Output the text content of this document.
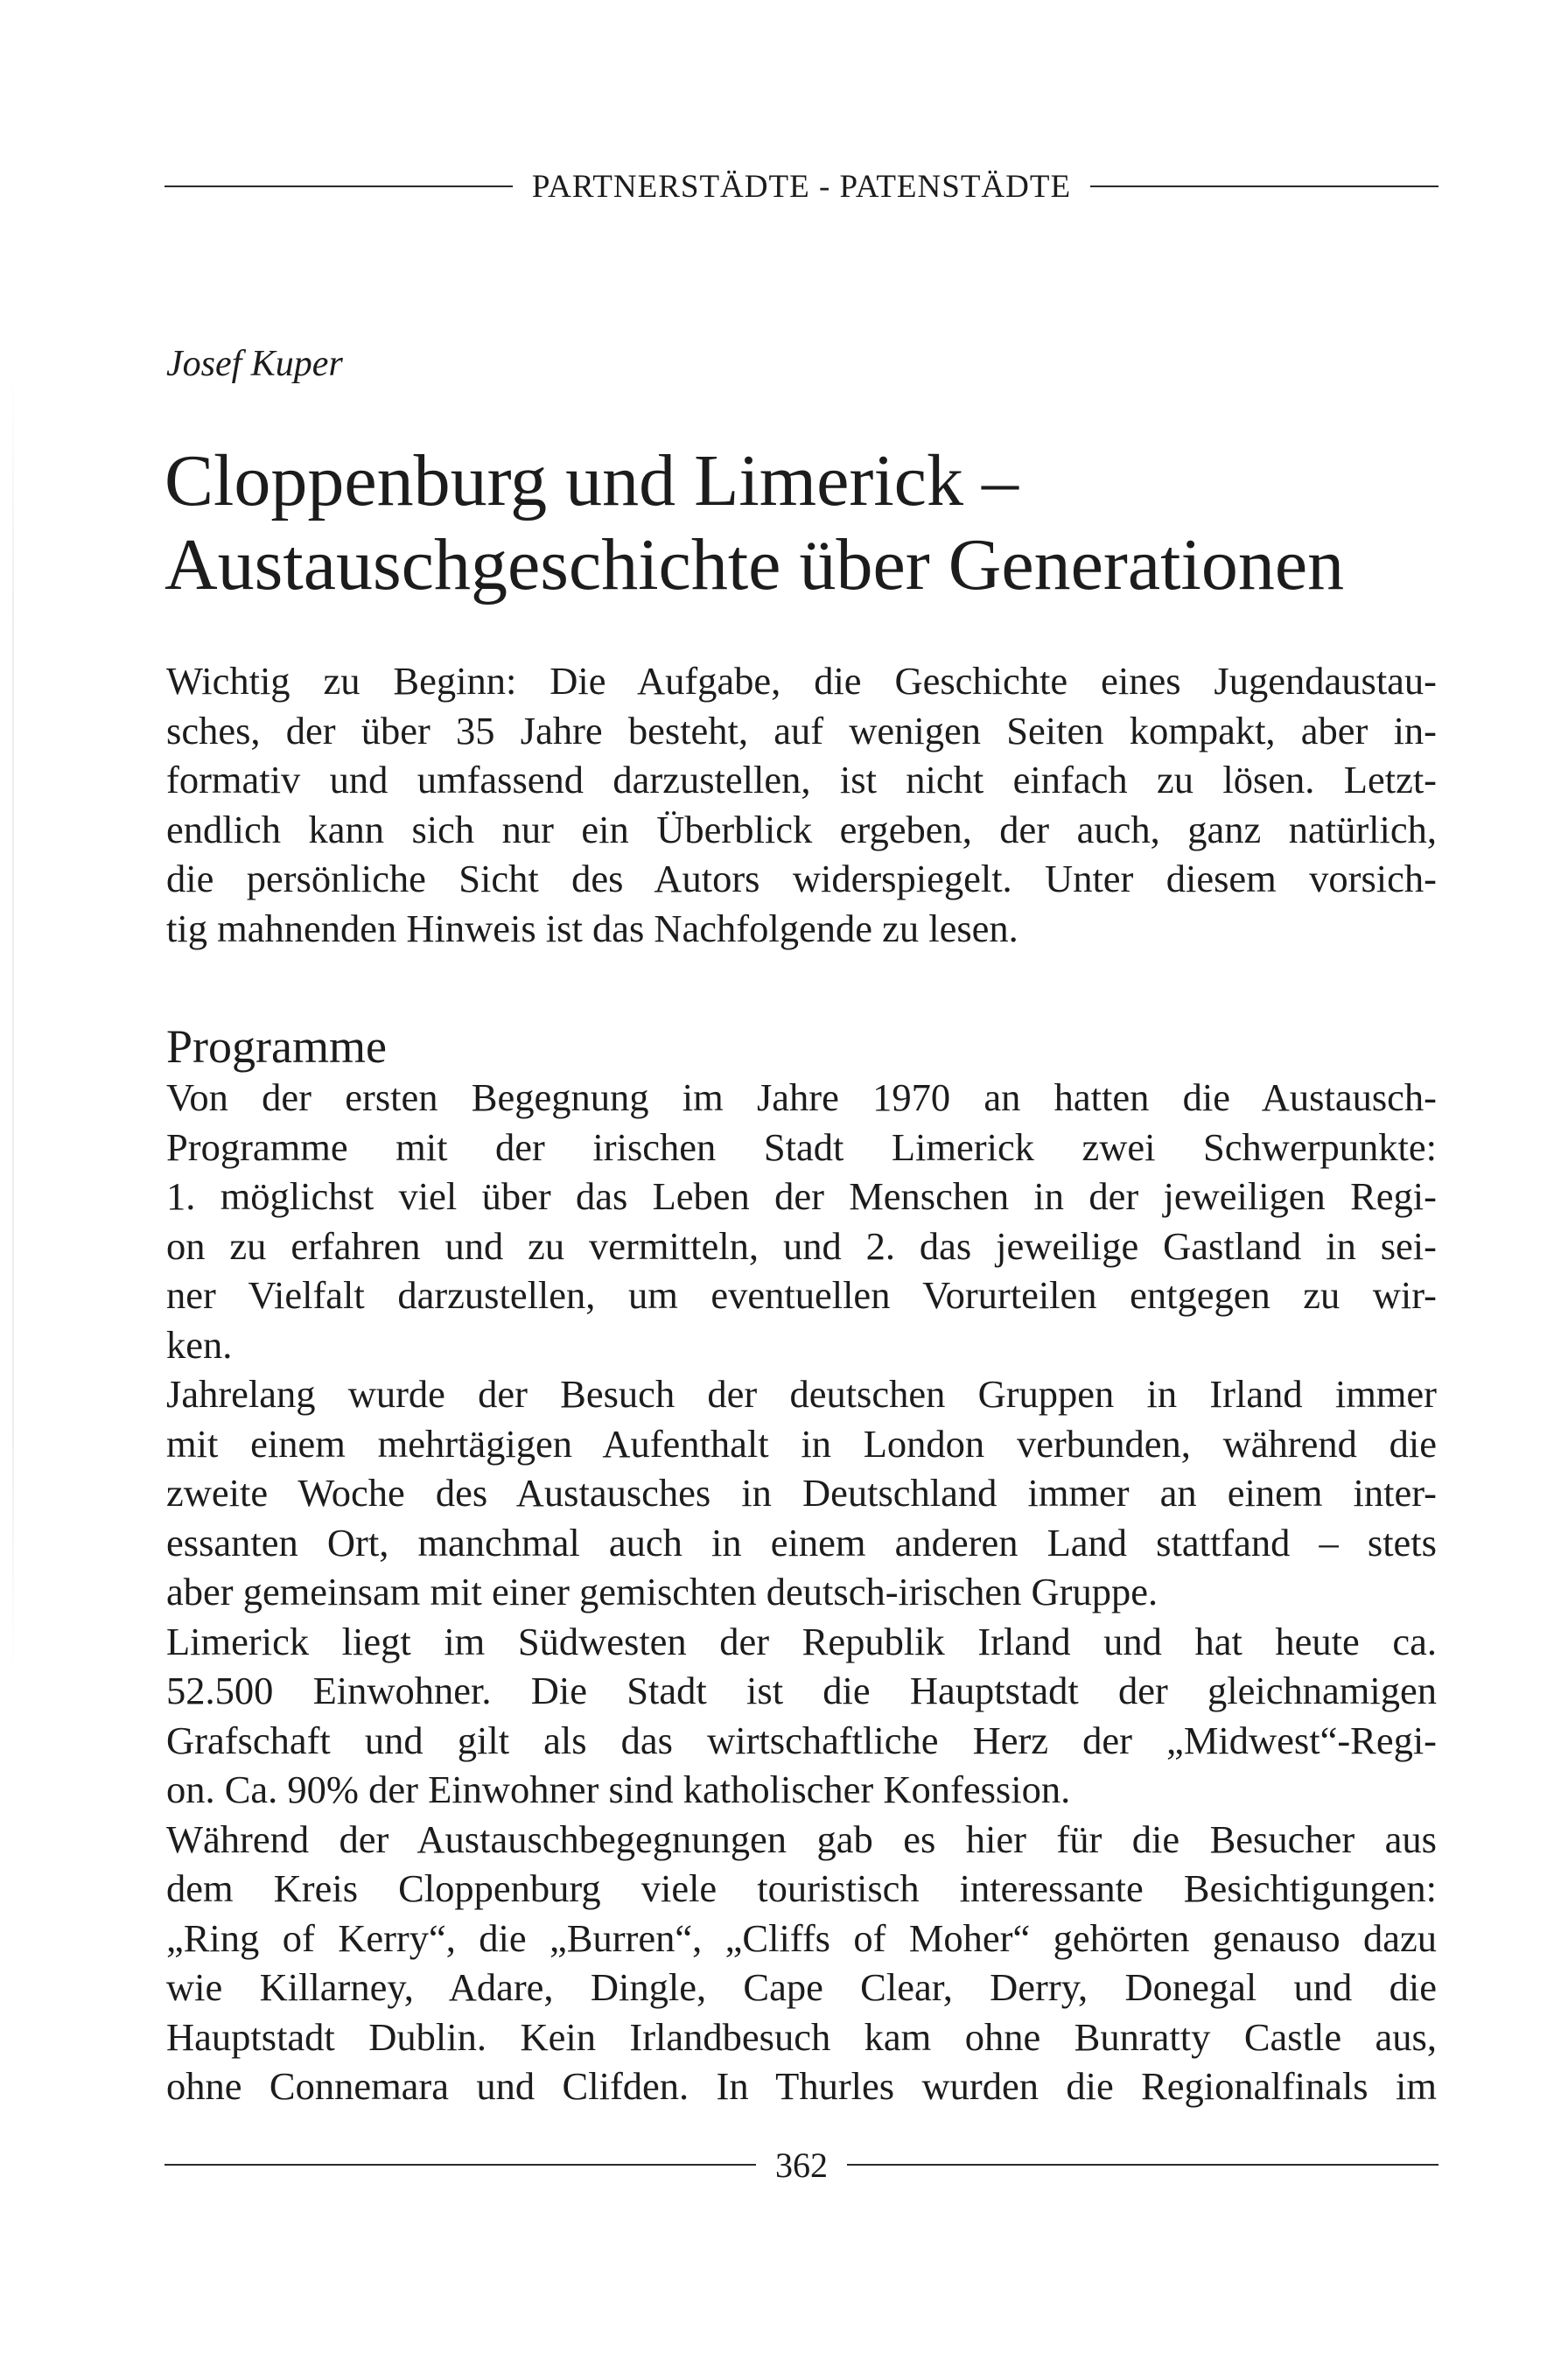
PARTNERSTÄDTE - PATENSTÄDTE
Josef Kuper
Cloppenburg und Limerick –
Austauschgeschichte über Generationen
Wichtig zu Beginn: Die Aufgabe, die Geschichte eines Jugendaustau-
sches, der über 35 Jahre besteht, auf wenigen Seiten kompakt, aber in-
formativ und umfassend darzustellen, ist nicht einfach zu lösen. Letzt-
endlich kann sich nur ein Überblick ergeben, der auch, ganz natürlich,
die persönliche Sicht des Autors widerspiegelt. Unter diesem vorsich-
tig mahnenden Hinweis ist das Nachfolgende zu lesen.
Programme
Von der ersten Begegnung im Jahre 1970 an hatten die Austausch-
Programme mit der irischen Stadt Limerick zwei Schwerpunkte:
1. möglichst viel über das Leben der Menschen in der jeweiligen Regi-
on zu erfahren und zu vermitteln, und 2. das jeweilige Gastland in sei-
ner Vielfalt darzustellen, um eventuellen Vorurteilen entgegen zu wir-
ken.
Jahrelang wurde der Besuch der deutschen Gruppen in Irland immer
mit einem mehrtägigen Aufenthalt in London verbunden, während die
zweite Woche des Austausches in Deutschland immer an einem inter-
essanten Ort, manchmal auch in einem anderen Land stattfand – stets
aber gemeinsam mit einer gemischten deutsch-irischen Gruppe.
Limerick liegt im Südwesten der Republik Irland und hat heute ca.
52.500 Einwohner. Die Stadt ist die Hauptstadt der gleichnamigen
Grafschaft und gilt als das wirtschaftliche Herz der „Midwest“-Regi-
on. Ca. 90% der Einwohner sind katholischer Konfession.
Während der Austauschbegegnungen gab es hier für die Besucher aus
dem Kreis Cloppenburg viele touristisch interessante Besichtigungen:
„Ring of Kerry“, die „Burren“, „Cliffs of Moher“ gehörten genauso dazu
wie Killarney, Adare, Dingle, Cape Clear, Derry, Donegal und die
Hauptstadt Dublin. Kein Irlandbesuch kam ohne Bunratty Castle aus,
ohne Connemara und Clifden. In Thurles wurden die Regionalfinals im
362
